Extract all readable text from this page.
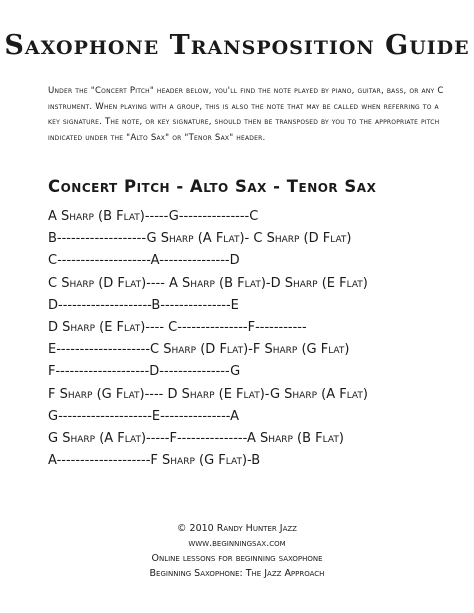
Saxophone Transposition Guide
Under the "Concert Pitch" header below, you'll find the note played by piano, guitar, bass, or any C instrument. When playing with a group, this is also the note that may be called when referring to a key signature. The note, or key signature, should then be transposed by you to the appropriate pitch indicated under the "Alto Sax" or "Tenor Sax" header.
Concert Pitch - Alto Sax - Tenor Sax
A Sharp (B Flat)-----G---------------C
B-------------------G Sharp (A Flat)- C Sharp (D Flat)
C--------------------A---------------D
C Sharp (D Flat)---- A Sharp (B Flat)-D Sharp (E Flat)
D--------------------B---------------E
D Sharp (E Flat)---- C---------------F-----------
E--------------------C Sharp (D Flat)-F Sharp (G Flat)
F--------------------D---------------G
F Sharp (G Flat)---- D Sharp (E Flat)-G Sharp (A Flat)
G--------------------E---------------A
G Sharp (A Flat)-----F---------------A Sharp (B Flat)
A--------------------F Sharp (G Flat)-B
© 2010 Randy Hunter Jazz
www.beginningsax.com
Online lessons for beginning saxophone
Beginning Saxophone: The Jazz Approach
